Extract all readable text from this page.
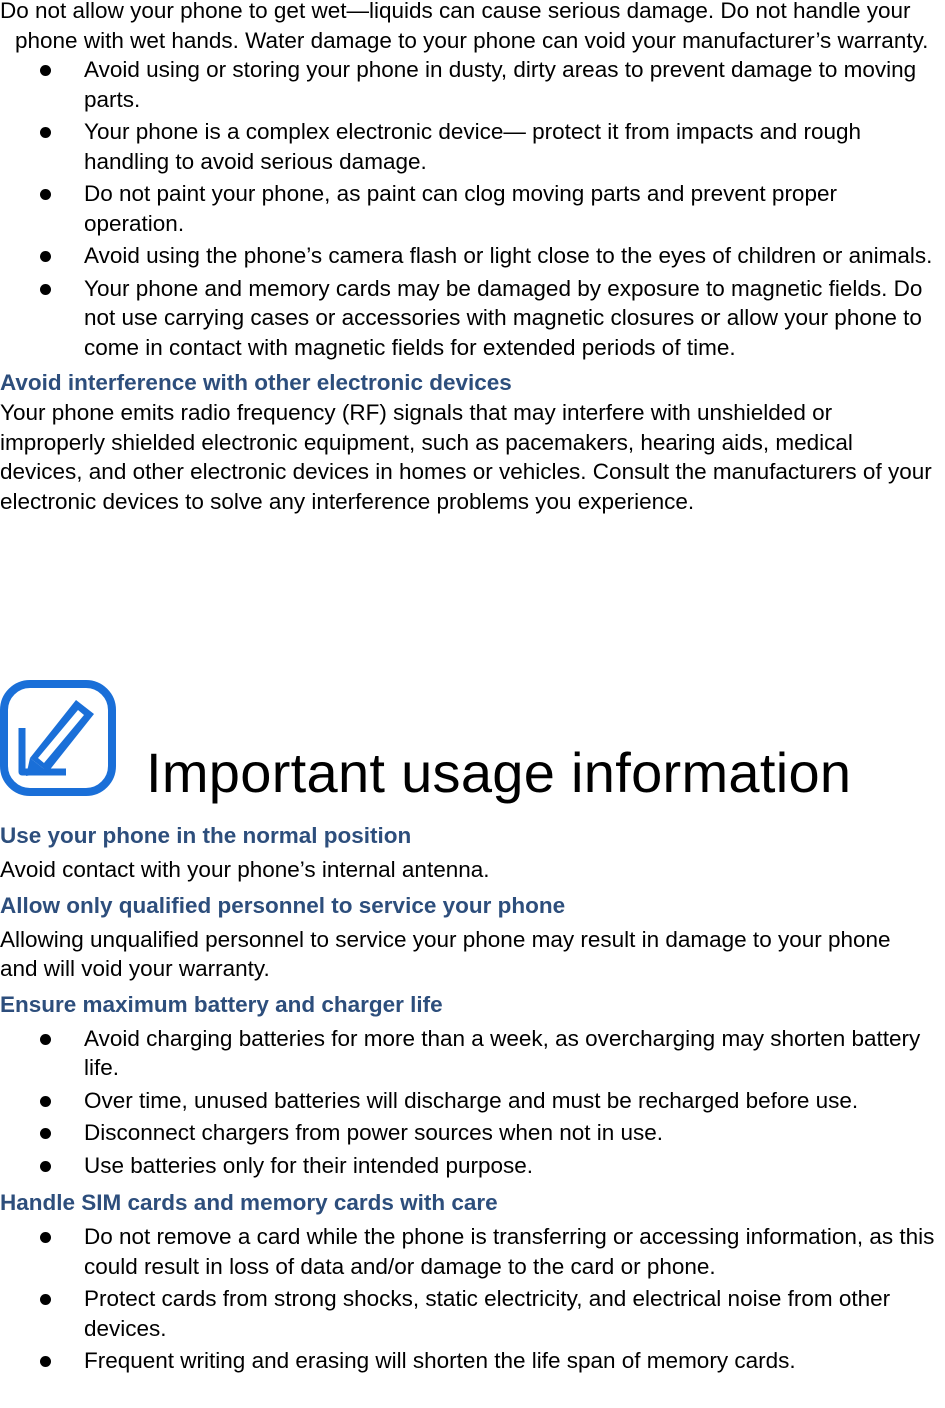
Do not allow your phone to get wet—liquids can cause serious damage. Do not handle your phone with wet hands. Water damage to your phone can void your manufacturer’s warranty.

Avoid using or storing your phone in dusty, dirty areas to prevent damage to moving parts.
Your phone is a complex electronic device— protect it from impacts and rough handling to avoid serious damage.
Do not paint your phone, as paint can clog moving parts and prevent proper operation.
Avoid using the phone’s camera flash or light close to the eyes of children or animals.
Your phone and memory cards may be damaged by exposure to magnetic fields. Do not use carrying cases or accessories with magnetic closures or allow your phone to come in contact with magnetic fields for extended periods of time.
Avoid interference with other electronic devices

Your phone emits radio frequency (RF) signals that may interfere with unshielded or improperly shielded electronic equipment, such as pacemakers, hearing aids, medical devices, and other electronic devices in homes or vehicles. Consult the manufacturers of your electronic devices to solve any interference problems you experience.

Important usage information
Use your phone in the normal position

Avoid contact with your phone’s internal antenna.

Allow only qualified personnel to service your phone

Allowing unqualified personnel to service your phone may result in damage to your phone and will void your warranty.

Ensure maximum battery and charger life
Avoid charging batteries for more than a week, as overcharging may shorten battery life.
Over time, unused batteries will discharge and must be recharged before use.
Disconnect chargers from power sources when not in use.
Use batteries only for their intended purpose.
Handle SIM cards and memory cards with care
Do not remove a card while the phone is transferring or accessing information, as this could result in loss of data and/or damage to the card or phone.
Protect cards from strong shocks, static electricity, and electrical noise from other devices.
Frequent writing and erasing will shorten the life span of memory cards.
